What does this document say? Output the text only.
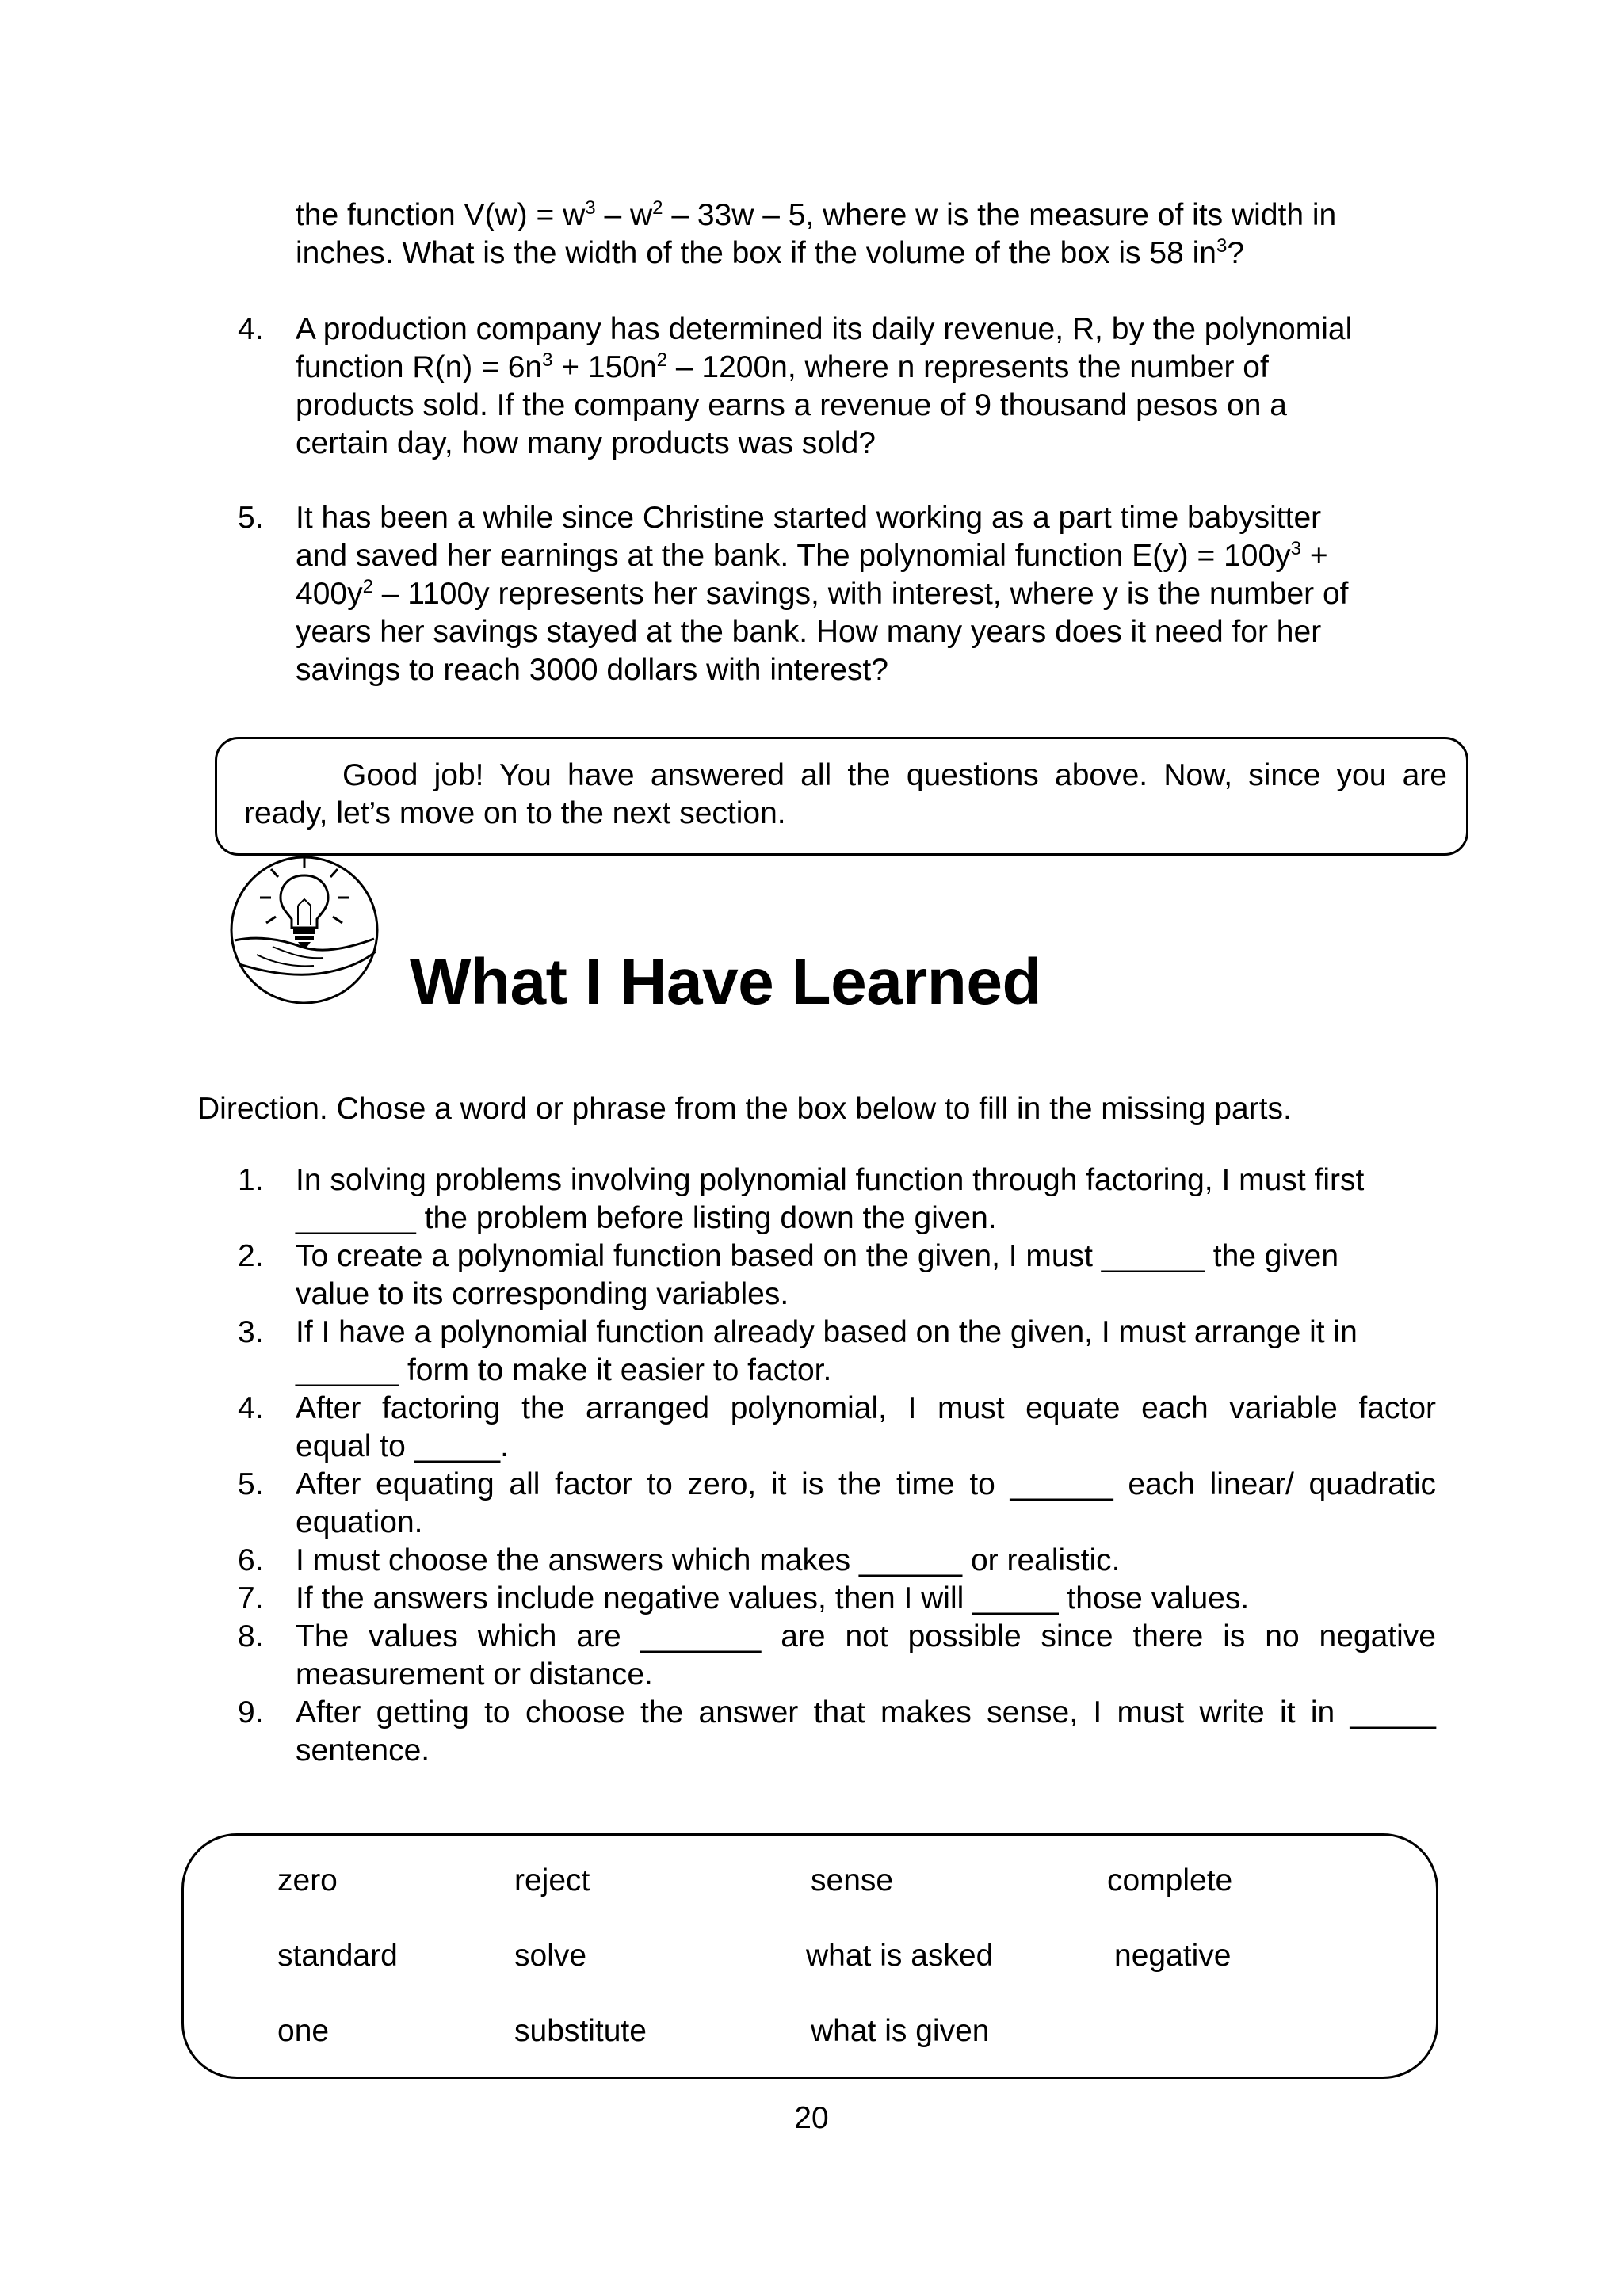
the function $V(w) = w^3 - w^2 - 33w - 5$, where w is the measure of its width in
inches. What is the width of the box if the volume of the box is 58 $in^3$?
4.	A production company has determined its daily revenue, R, by the polynomial
function $R(n) = 6n^3 + 150n^2 - 1200n$, where n represents the number of
products sold. If the company earns a revenue of 9 thousand pesos on a
certain day, how many products was sold?
5.	It has been a while since Christine started working as a part time babysitter
and saved her earnings at the bank. The polynomial function $E(y) = 100y^3$ +
$400y^2 - 1100y$ represents her savings, with interest, where y is the number of
years her savings stayed at the bank. How many years does it need for her
savings to reach 3000 dollars with interest?
Good job! You have answered all the questions above. Now, since you are ready, let’s move on to the next section.
What I Have Learned
Direction. Chose a word or phrase from the box below to fill in the missing parts.
1.	In solving problems involving polynomial function through factoring, I must first
_______ the problem before listing down the given.
2.	To create a polynomial function based on the given, I must ______ the given
value to its corresponding variables.
3.	If I have a polynomial function already based on the given, I must arrange it in
______ form to make it easier to factor.
4.	After factoring the arranged polynomial, I must equate each variable factor
equal to _____.
5.	After equating all factor to zero, it is the time to ______ each linear/ quadratic
equation.
6.	I must choose the answers which makes ______ or realistic.
7.	If the answers include negative values, then I will _____ those values.
8.	The values which are _______ are not possible since there is no negative
measurement or distance.
9.	After getting to choose the answer that makes sense, I must write it in _____
sentence.
zero	reject	sense	complete
standard	solve	what is asked	negative
one	substitute	what is given
20
